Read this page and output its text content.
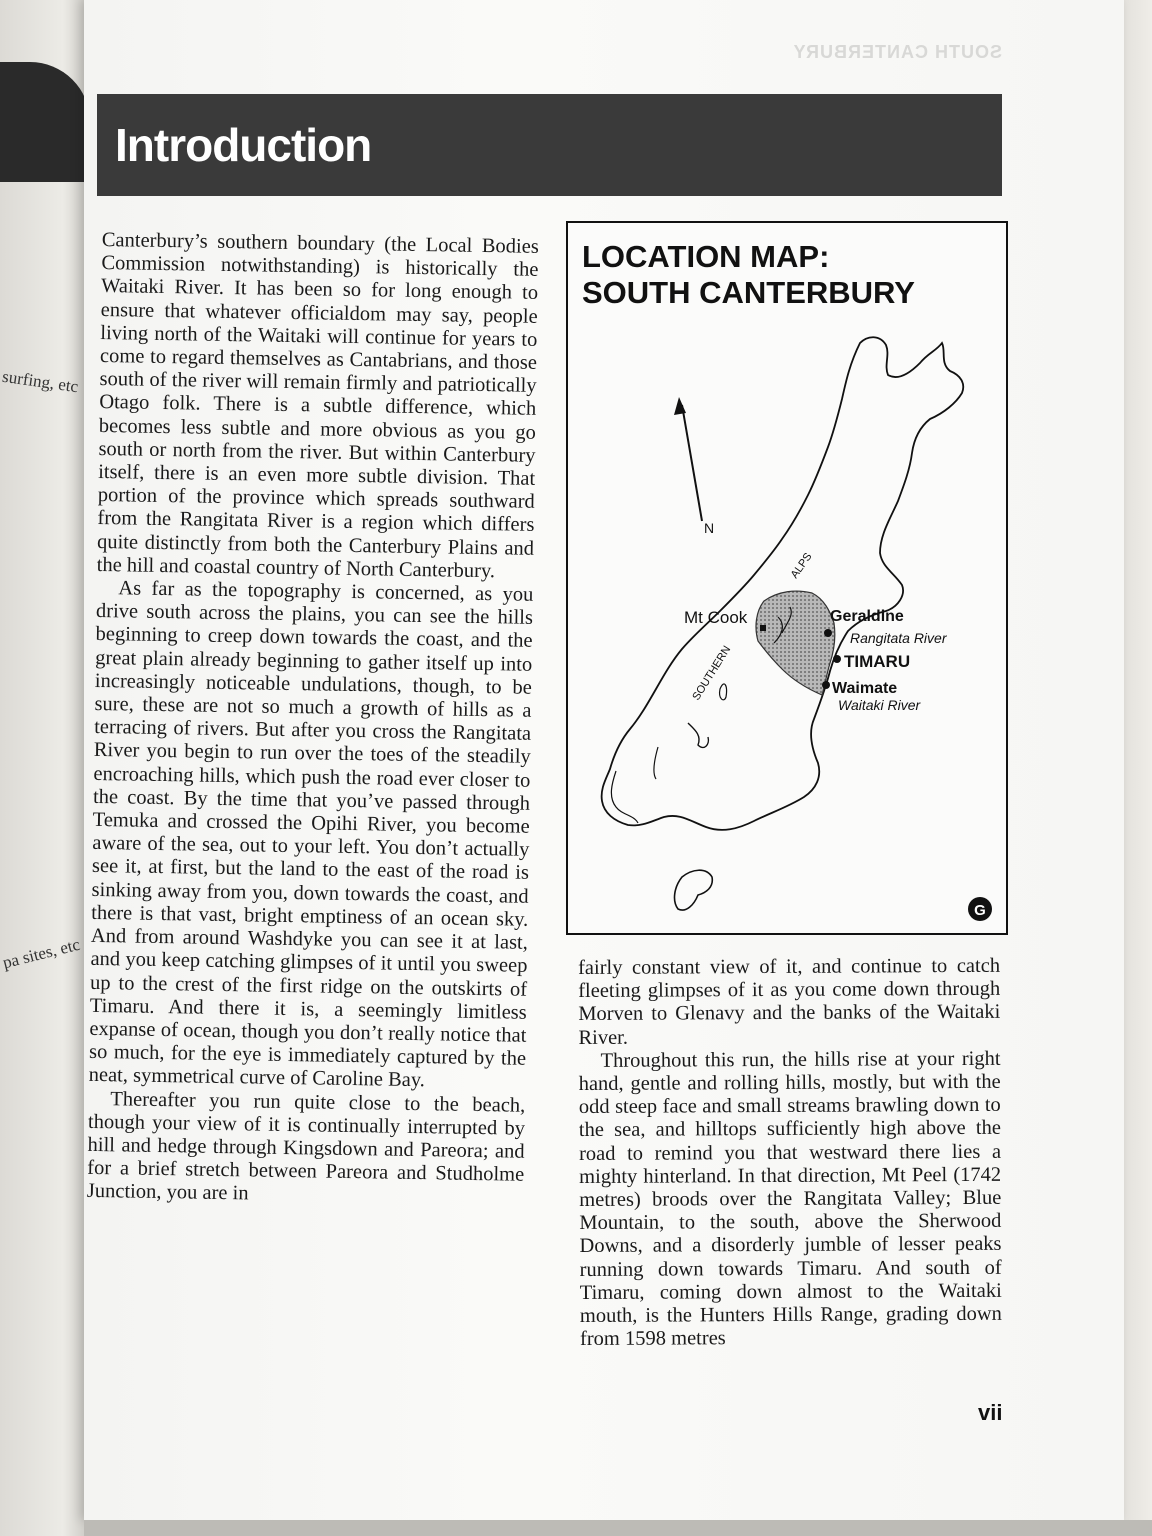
surfing, etc
pa sites, etc
SOUTH CANTERBURY
Introduction

Canterbury’s southern boundary (the Local Bodies Commission notwithstanding) is historically the Waitaki River. It has been so for long enough to ensure that whatever officialdom may say, people living north of the Waitaki will continue for years to come to regard themselves as Cantabrians, and those south of the river will remain firmly and patriotically Otago folk. There is a subtle difference, which becomes less subtle and more obvious as you go south or north from the river. But within Canterbury itself, there is an even more subtle division. That portion of the province which spreads southward from the Rangitata River is a region which differs quite distinctly from both the Canterbury Plains and the hill and coastal country of North Canterbury.

As far as the topography is concerned, as you drive south across the plains, you can see the hills beginning to creep down towards the coast, and the great plain already beginning to gather itself up into increasingly noticeable undulations, though, to be sure, these are not so much a growth of hills as a terracing of rivers. But after you cross the Rangitata River you begin to run over the toes of the steadily encroaching hills, which push the road ever closer to the coast. By the time that you’ve passed through Temuka and crossed the Opihi River, you become aware of the sea, out to your left. You don’t actually see it, at first, but the land to the east of the road is sinking away from you, down towards the coast, and there is that vast, bright emptiness of an ocean sky. And from around Washdyke you can see it at last, and you keep catching glimpses of it until you sweep up to the crest of the first ridge on the outskirts of Timaru. And there it is, a seemingly limitless expanse of ocean, though you don’t really notice that so much, for the eye is immediately captured by the neat, symmetrical curve of Caroline Bay.

Thereafter you run quite close to the beach, though your view of it is continually interrupted by hill and hedge through Kingsdown and Pareora; and for a brief stretch between Pareora and Studholme Junction, you are in

LOCATION MAP:
SOUTH CANTERBURY
N
ALPS
SOUTHERN
Mt Cook	Geraldine
Rangitata River
TIMARU
Waimate
Waitaki River
G

fairly constant view of it, and continue to catch fleeting glimpses of it as you come down through Morven to Glenavy and the banks of the Waitaki River.

Throughout this run, the hills rise at your right hand, gentle and rolling hills, mostly, but with the odd steep face and small streams brawling down to the sea, and hilltops sufficiently high above the road to remind you that westward there lies a mighty hinterland. In that direction, Mt Peel (1742 metres) broods over the Rangitata Valley; Blue Mountain, to the south, above the Sherwood Downs, and a disorderly jumble of lesser peaks running down towards Timaru. And south of Timaru, coming down almost to the Waitaki mouth, is the Hunters Hills Range, grading down from 1598 metres

vii
